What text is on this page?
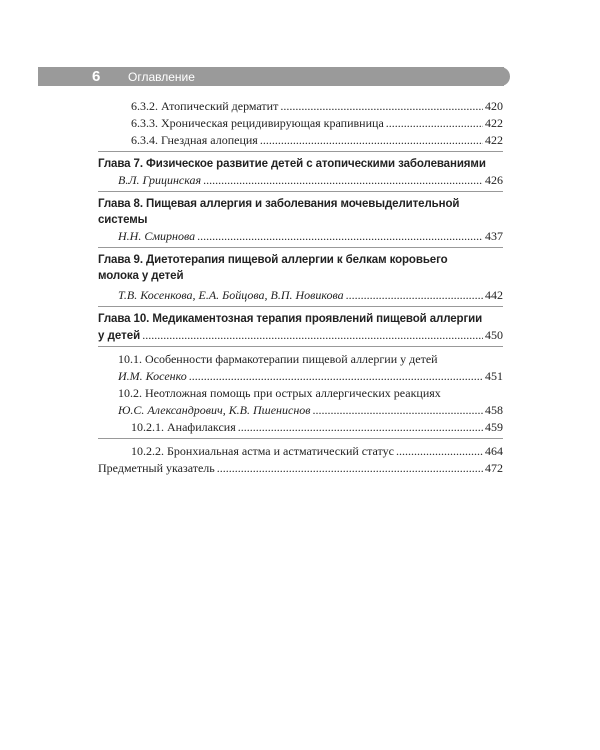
6	Оглавление
6.3.2. Атопический дерматит .....	420
6.3.3. Хроническая рецидивирующая крапивница .....	422
6.3.4. Гнездная алопеция .....	422
Глава 7. Физическое развитие детей с атопическими заболеваниями
В.Л. Грицинская .....	426
Глава 8. Пищевая аллергия и заболевания мочевыделительной системы
Н.Н. Смирнова .....	437
Глава 9. Диетотерапия пищевой аллергии к белкам коровьего
молока у детей
Т.В. Косенкова, Е.А. Бойцова, В.П. Новикова .....	442
Глава 10. Медикаментозная терапия проявлений пищевой аллергии
у детей .....	450
10.1. Особенности фармакотерапии пищевой аллергии у детей
И.М. Косенко .....	451
10.2. Неотложная помощь при острых аллергических реакциях
Ю.С. Александрович, К.В. Пшениснов .....	458
10.2.1. Анафилаксия .....	459
10.2.2. Бронхиальная астма и астматический статус .....	464
Предметный указатель .....	472
